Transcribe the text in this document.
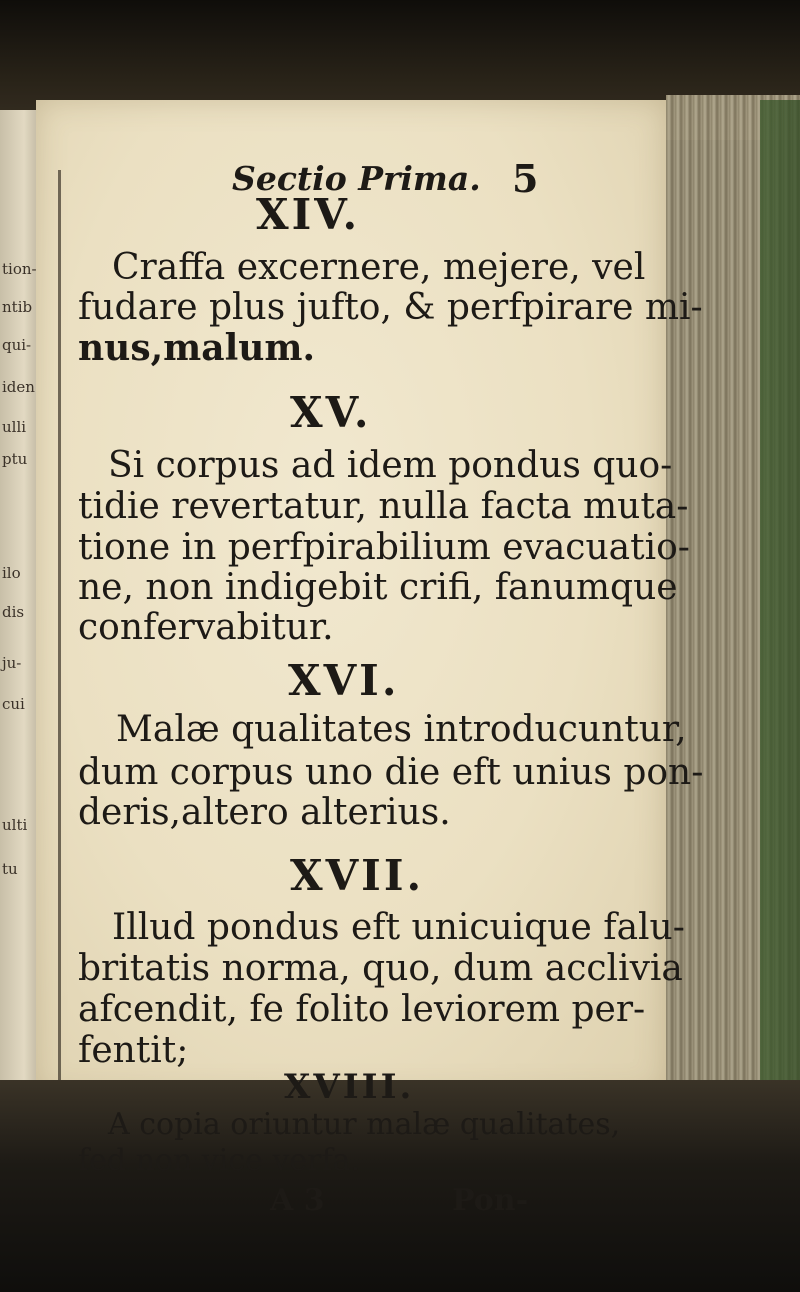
tion-
ntib
qui-
iden
ulli
ptu
ilo
dis
ju-
cui
ulti
tu
Sectio Prima. 5
XIV.
Craffa excernere, mejere, vel
fudare plus jufto, & perfpirare mi-
nus,malum.
XV.
Si corpus ad idem pondus quo-
tidie revertatur, nulla facta muta-
tione in perfpirabilium evacuatio-
ne, non indigebit crifi, fanumque
confervabitur.
XVI.
Malæ qualitates introducuntur,
dum corpus uno die eft unius pon-
deris,altero alterius.
XVII.
Illud pondus eft unicuique falu-
britatis norma, quo, dum acclivia
afcendit, fe folito leviorem per-
fentit;
XVIII.
A copia oriuntur malæ qualitates,
fed non vice verfa.
A 3	Pon-
